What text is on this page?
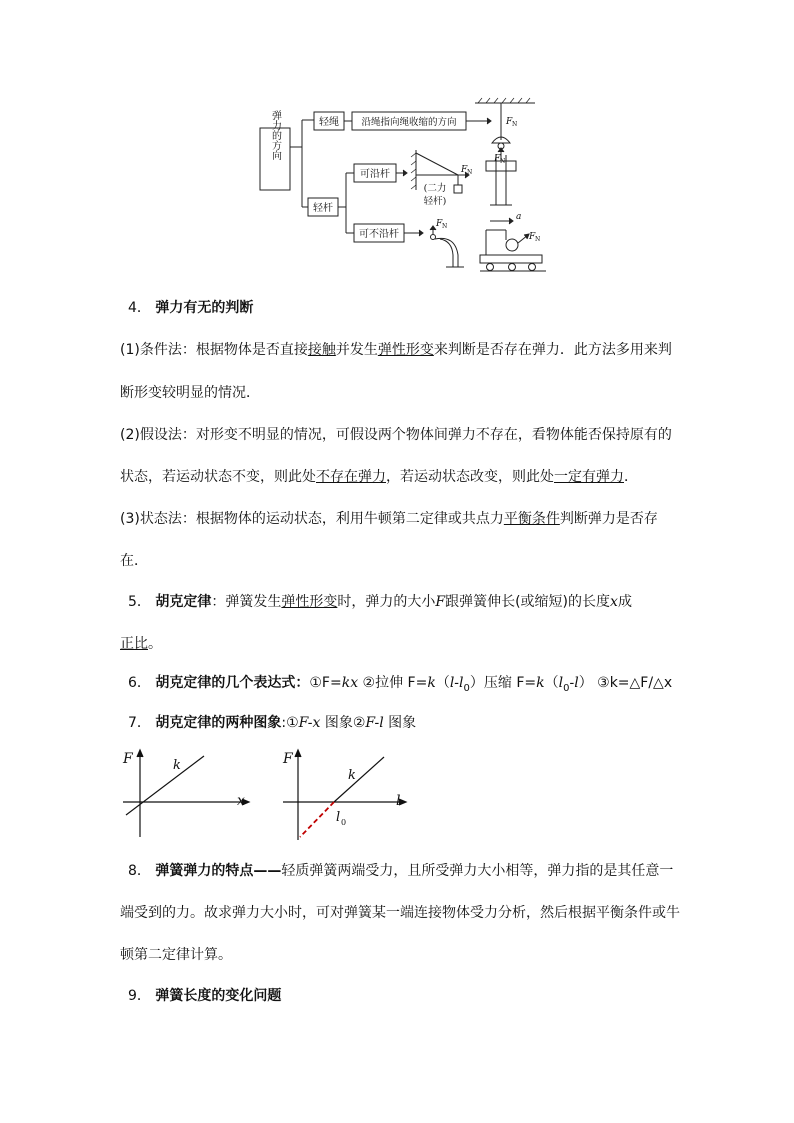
弹力的方向	轻绳 沿绳指向绳收缩的方向
轻杆
可沿杆
可不沿杆
(二力
轻杆)
F N
F N
F N
F N
F N
a
4． 弹力有无的判断
(1)条件法：根据物体是否直接接触并发生弹性形变来判断是否存在弹力．此方法多用来判
断形变较明显的情况．
(2)假设法：对形变不明显的情况，可假设两个物体间弹力不存在，看物体能否保持原有的
状态，若运动状态不变，则此处不存在弹力，若运动状态改变，则此处一定有弹力．
(3)状态法：根据物体的运动状态，利用牛顿第二定律或共点力平衡条件判断弹力是否存
在．
5． 胡克定律：弹簧发生弹性形变时，弹力的大小F跟弹簧伸长(或缩短)的长度x成
正比。
6． 胡克定律的几个表达式：①F=kx ②拉伸 $F=k(l-l_0)$压缩 $F=k(l_0-l)$ ③k=△F/△x
7． 胡克定律的两种图象:①F-x 图象②F-l 图象
F
x
k	F
l
k
l 0
8． 弹簧弹力的特点——轻质弹簧两端受力，且所受弹力大小相等，弹力指的是其任意一
端受到的力。故求弹力大小时，可对弹簧某一端连接物体受力分析，然后根据平衡条件或牛
顿第二定律计算。
9． 弹簧长度的变化问题
